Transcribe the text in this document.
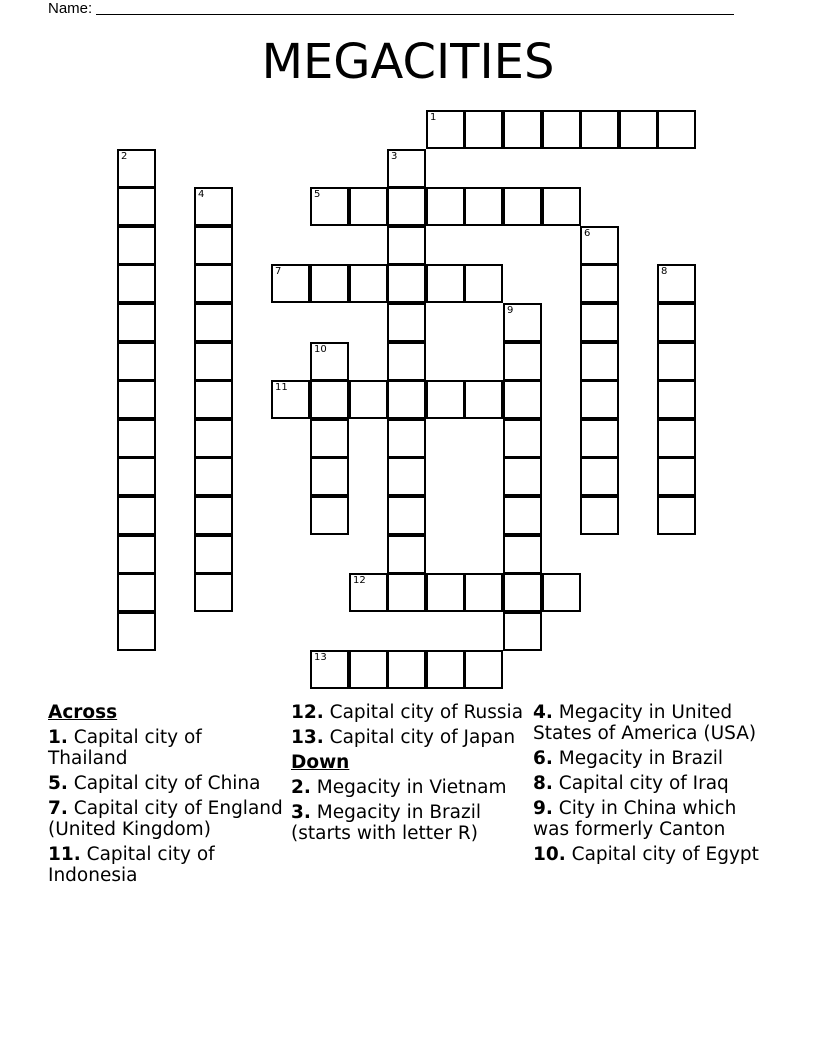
Name:
MEGACITIES
1
2	3
4	5
6
7	8
9
10
11
12
13
Across
1. Capital city of Thailand
5. Capital city of China
7. Capital city of England (United Kingdom)
11. Capital city of Indonesia
12. Capital city of Russia
13. Capital city of Japan
Down
2. Megacity in Vietnam
3. Megacity in Brazil (starts with letter R)
4. Megacity in United States of America (USA)
6. Megacity in Brazil
8. Capital city of Iraq
9. City in China which was formerly Canton
10. Capital city of Egypt
